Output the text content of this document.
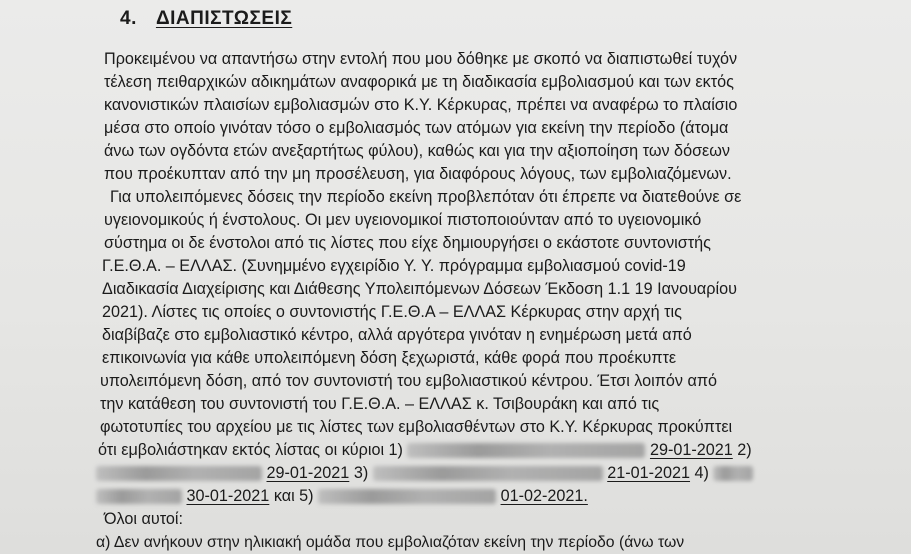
4. ΔΙΑΠΙΣΤΩΣΕΙΣ
Προκειμένου να απαντήσω στην εντολή που μου δόθηκε με σκοπό να διαπιστωθεί τυχόν
τέλεση πειθαρχικών αδικημάτων αναφορικά με τη διαδικασία εμβολιασμού και των εκτός
κανονιστικών πλαισίων εμβολιασμών στο Κ.Υ. Κέρκυρας, πρέπει να αναφέρω το πλαίσιο
μέσα στο οποίο γινόταν τόσο ο εμβολιασμός των ατόμων για εκείνη την περίοδο (άτομα
άνω των ογδόντα ετών ανεξαρτήτως φύλου), καθώς και για την αξιοποίηση των δόσεων
που προέκυπταν από την μη προσέλευση, για διαφόρους λόγους, των εμβολιαζόμενων.
Για υπολειπόμενες δόσεις την περίοδο εκείνη προβλεπόταν ότι έπρεπε να διατεθούνε σε
υγειονομικούς ή ένστολους. Οι μεν υγειονομικοί πιστοποιούνταν από το υγειονομικό
σύστημα οι δε ένστολοι από τις λίστες που είχε δημιουργήσει ο εκάστοτε συντονιστής
Γ.Ε.Θ.Α. – ΕΛΛΑΣ. (Συνημμένο εγχειρίδιο Υ. Υ. πρόγραμμα εμβολιασμού covid-19
Διαδικασία Διαχείρισης και Διάθεσης Υπολειπόμενων Δόσεων Έκδοση 1.1 19 Ιανουαρίου
2021). Λίστες τις οποίες ο συντονιστής Γ.Ε.Θ.Α – ΕΛΛΑΣ Κέρκυρας στην αρχή τις
διαβίβαζε στο εμβολιαστικό κέντρο, αλλά αργότερα γινόταν η ενημέρωση μετά από
επικοινωνία για κάθε υπολειπόμενη δόση ξεχωριστά, κάθε φορά που προέκυπτε
υπολειπόμενη δόση, από τον συντονιστή του εμβολιαστικού κέντρου. Έτσι λοιπόν από
την κατάθεση του συντονιστή του Γ.Ε.Θ.Α. – ΕΛΛΑΣ κ. Τσιβουράκη και από τις
φωτοτυπίες του αρχείου με τις λίστες των εμβολιασθέντων στο Κ.Υ. Κέρκυρας προκύπτει
ότι εμβολιάστηκαν εκτός λίστας οι κύριοι 1)	29-01-2021 2)
29-01-2021 3)	21-01-2021 4)
30-01-2021 και 5)	01-02-2021.
Όλοι αυτοί:
α) Δεν ανήκουν στην ηλικιακή ομάδα που εμβολιαζόταν εκείνη την περίοδο (άνω των
